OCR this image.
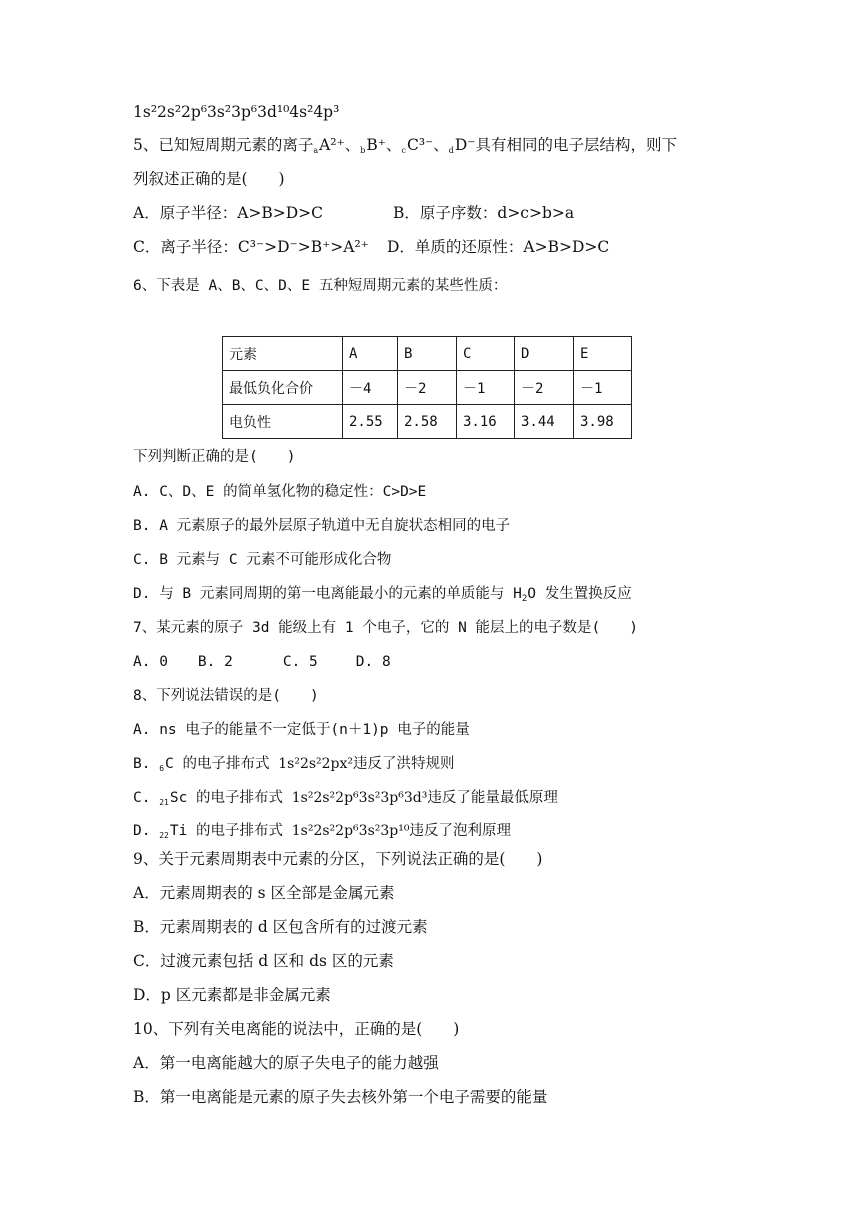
1s²2s²2p⁶3s²3p⁶3d¹⁰4s²4p³
5、已知短周期元素的离子aA²⁺、bB⁺、cC³⁻、dD⁻具有相同的电子层结构，则下
列叙述正确的是(　　)
A．原子半径：A>B>D>C	B．原子序数：d>c>b>a
C．离子半径：C³⁻>D⁻>B⁺>A²⁺ D．单质的还原性：A>B>D>C
6、下表是 A、B、C、D、E 五种短周期元素的某些性质：
元素	A	B	C	D	E
最低负化合价	－4	－2	－1	－2	－1
电负性	2.55	2.58	3.16	3.44	3.98
下列判断正确的是(　　)
A. C、D、E 的简单氢化物的稳定性：C>D>E
B. A 元素原子的最外层原子轨道中无自旋状态相同的电子
C. B 元素与 C 元素不可能形成化合物
D. 与 B 元素同周期的第一电离能最小的元素的单质能与 $H_2O$ 发生置换反应
7、某元素的原子 3d 能级上有 1 个电子，它的 N 能层上的电子数是(　　)
A. 0 B. 2	C. 5	D. 8
8、下列说法错误的是(　　)
A. ns 电子的能量不一定低于(n＋1)p 电子的能量
B. $_6$C 的电子排布式 1s²2s²2px²违反了洪特规则
C. $_{21}$Sc 的电子排布式 1s²2s²2p⁶3s²3p⁶3d³违反了能量最低原理
D. $_{22}$Ti 的电子排布式 1s²2s²2p⁶3s²3p¹⁰违反了泡利原理
9、关于元素周期表中元素的分区，下列说法正确的是(　　)
A．元素周期表的 s 区全部是金属元素
B．元素周期表的 d 区包含所有的过渡元素
C．过渡元素包括 d 区和 ds 区的元素
D．p 区元素都是非金属元素
10、下列有关电离能的说法中，正确的是(　　)
A．第一电离能越大的原子失电子的能力越强
B．第一电离能是元素的原子失去核外第一个电子需要的能量
